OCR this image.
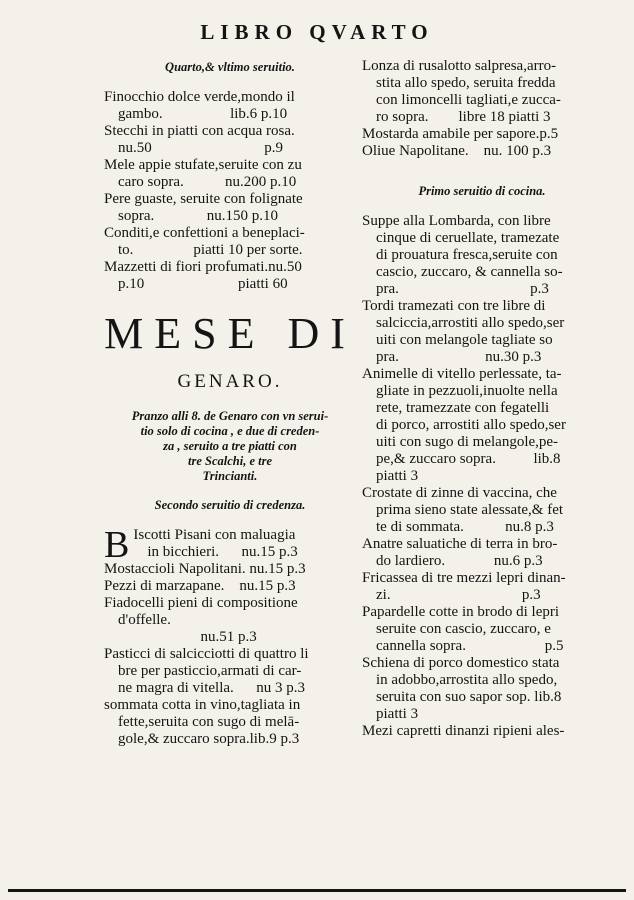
LIBRO QVARTO
Quarto,& vltimo seruitio.
Finocchio dolce verde,mondo il
gambo.                  lib.6 p.10
Stecchi in piatti con acqua rosa.
nu.50                              p.9
Mele appie stufate,seruite con zu
caro sopra.           nu.200 p.10
Pere guaste, seruite con folignate
sopra.              nu.150 p.10
Conditi,e confettioni a beneplaci-
to.                piatti 10 per sorte.
Mazzetti di fiori profumati.nu.50
p.10                         piatti 60
MESE DI
GENARO.
Pranzo alli 8. de Genaro con vn serui-
tio solo di cocina , e due di creden-
za , seruito a tre piatti con
tre Scalchi, e tre
Trincianti.
Secondo seruitio di credenza.
B Iscotti Pisani con maluagia
in bicchieri.      nu.15 p.3
Mostaccioli Napolitani. nu.15 p.3
Pezzi di marzapane.    nu.15 p.3
Fiadocelli pieni di compositione
d'offelle.
nu.51 p.3
Pasticci di salcicciotti di quattro li
bre per pasticcio,armati di car-
ne magra di vitella.      nu 3 p.3
sommata cotta in vino,tagliata in
fette,seruita con sugo di melā-
gole,& zuccaro sopra.lib.9 p.3
Lonza di rusalotto salpresa,arro-
stita allo spedo, seruita fredda
con limoncelli tagliati,e zucca-
ro sopra.        libre 18 piatti 3
Mostarda amabile per sapore.p.5
Oliue Napolitane.    nu. 100 p.3
Primo seruitio di cocina.
Suppe alla Lombarda, con libre
cinque di ceruellate, tramezate
di prouatura fresca,seruite con
cascio, zuccaro, & cannella so-
pra.                                   p.3
Tordi tramezati con tre libre di
salciccia,arrostiti allo spedo,ser
uiti con melangole tagliate so
pra.                       nu.30 p.3
Animelle di vitello perlessate, ta-
gliate in pezzuoli,inuolte nella
rete, tramezzate con fegatelli
di porco, arrostiti allo spedo,ser
uiti con sugo di melangole,pe-
pe,& zuccaro sopra.          lib.8
piatti 3
Crostate di zinne di vaccina, che
prima sieno state alessate,& fet
te di sommata.           nu.8 p.3
Anatre saluatiche di terra in bro-
do lardiero.             nu.6 p.3
Fricassea di tre mezzi lepri dinan-
zi.                                   p.3
Papardelle cotte in brodo di lepri
seruite con cascio, zuccaro, e
cannella sopra.                     p.5
Schiena di porco domestico stata
in adobbo,arrostita allo spedo,
seruita con suo sapor sop. lib.8
piatti 3
Mezi capretti dinanzi ripieni ales-
